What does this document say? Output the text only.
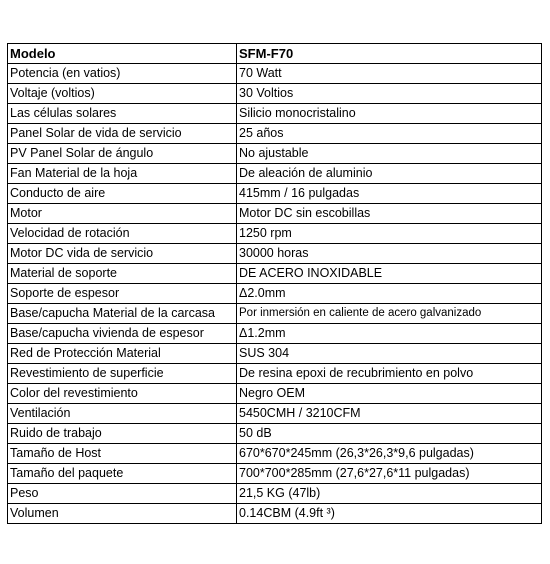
Modelo	SFM-F70
Potencia (en vatios)	70 Watt
Voltaje (voltios)	30 Voltios
Las células solares	Silicio monocristalino
Panel Solar de vida de servicio	25 años
PV Panel Solar de ángulo	No ajustable
Fan Material de la hoja	De aleación de aluminio
Conducto de aire	415mm / 16 pulgadas
Motor	Motor DC sin escobillas
Velocidad de rotación	1250 rpm
Motor DC vida de servicio	30000 horas
Material de soporte	DE ACERO INOXIDABLE
Soporte de espesor	Δ2.0mm
Base/capucha Material de la carcasa	Por inmersión en caliente de acero galvanizado
Base/capucha vivienda de espesor	Δ1.2mm
Red de Protección Material	SUS 304
Revestimiento de superficie	De resina epoxi de recubrimiento en polvo
Color del revestimiento	Negro OEM
Ventilación	5450CMH / 3210CFM
Ruido de trabajo	50 dB
Tamaño de Host	670*670*245mm (26,3*26,3*9,6 pulgadas)
Tamaño del paquete	700*700*285mm (27,6*27,6*11 pulgadas)
Peso	21,5 KG (47lb)
Volumen	0.14CBM (4.9ft ³)
